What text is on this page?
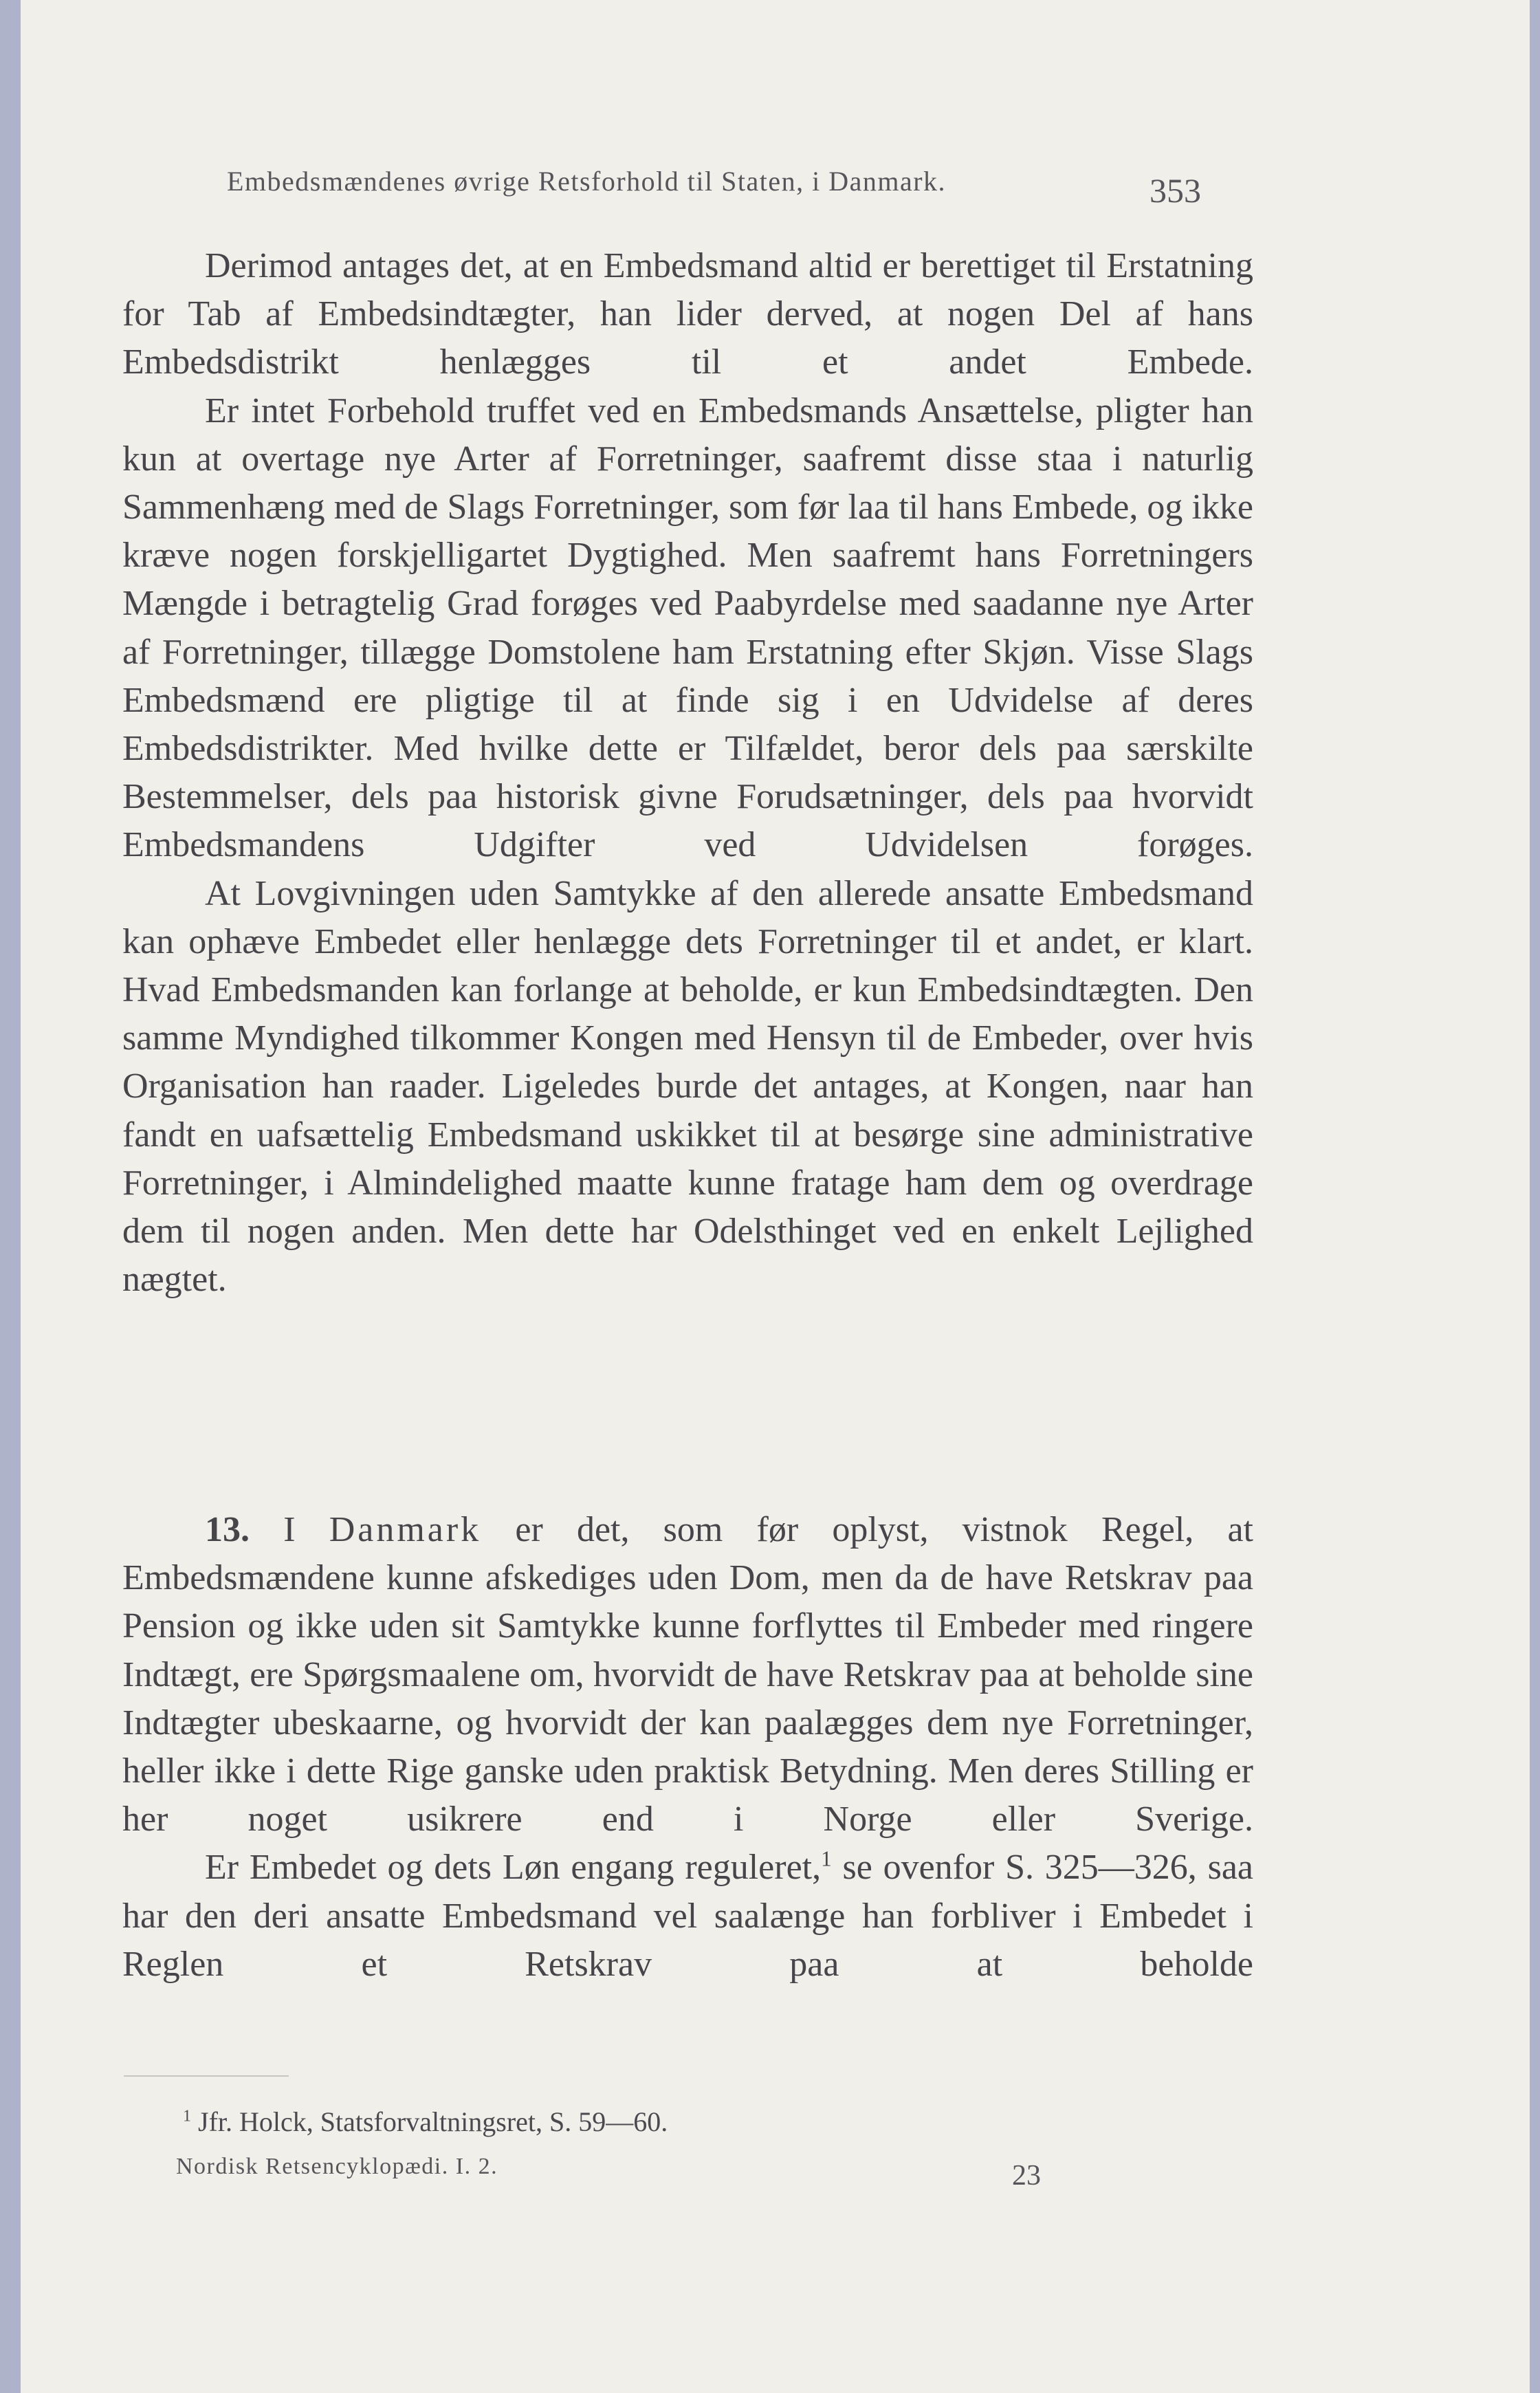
Embedsmændenes øvrige Retsforhold til Staten, i Danmark.	353

Derimod antages det, at en Embedsmand altid er berettiget til Erstatning for Tab af Embedsindtægter, han lider derved, at nogen Del af hans Embedsdistrikt henlægges til et andet Embede.

Er intet Forbehold truffet ved en Embedsmands Ansættelse, pligter han kun at overtage nye Arter af Forretninger, saafremt disse staa i naturlig Sammenhæng med de Slags Forretninger, som før laa til hans Embede, og ikke kræve nogen forskjelligartet Dygtighed. Men saafremt hans Forretningers Mængde i betragtelig Grad forøges ved Paabyrdelse med saadanne nye Arter af Forretninger, tillægge Domstolene ham Erstatning efter Skjøn. Visse Slags Embedsmænd ere pligtige til at finde sig i en Udvidelse af deres Embedsdistrikter. Med hvilke dette er Tilfældet, beror dels paa særskilte Bestemmelser, dels paa historisk givne Forudsætninger, dels paa hvorvidt Embedsmandens Udgifter ved Udvidelsen forøges.

At Lovgivningen uden Samtykke af den allerede ansatte Embedsmand kan ophæve Embedet eller henlægge dets Forretninger til et andet, er klart. Hvad Embedsmanden kan forlange at beholde, er kun Embedsindtægten. Den samme Myndighed tilkommer Kongen med Hensyn til de Embeder, over hvis Organisation han raader. Ligeledes burde det antages, at Kongen, naar han fandt en uafsættelig Embedsmand uskikket til at besørge sine administrative Forretninger, i Almindelighed maatte kunne fratage ham dem og overdrage dem til nogen anden. Men dette har Odelsthinget ved en enkelt Lejlighed nægtet.

13. I Danmark er det, som før oplyst, vistnok Regel, at Embedsmændene kunne afskediges uden Dom, men da de have Retskrav paa Pension og ikke uden sit Samtykke kunne forflyttes til Embeder med ringere Indtægt, ere Spørgsmaalene om, hvorvidt de have Retskrav paa at beholde sine Indtægter ubeskaarne, og hvorvidt der kan paalægges dem nye Forretninger, heller ikke i dette Rige ganske uden praktisk Betydning. Men deres Stilling er her noget usikrere end i Norge eller Sverige.

Er Embedet og dets Løn engang reguleret,$^1$ se ovenfor S. 325—326, saa har den deri ansatte Embedsmand vel saalænge han forbliver i Embedet i Reglen et Retskrav paa at beholde

$^1$ Jfr. Holck, Statsforvaltningsret, S. 59—60.
Nordisk Retsencyklopædi. I. 2.	23
